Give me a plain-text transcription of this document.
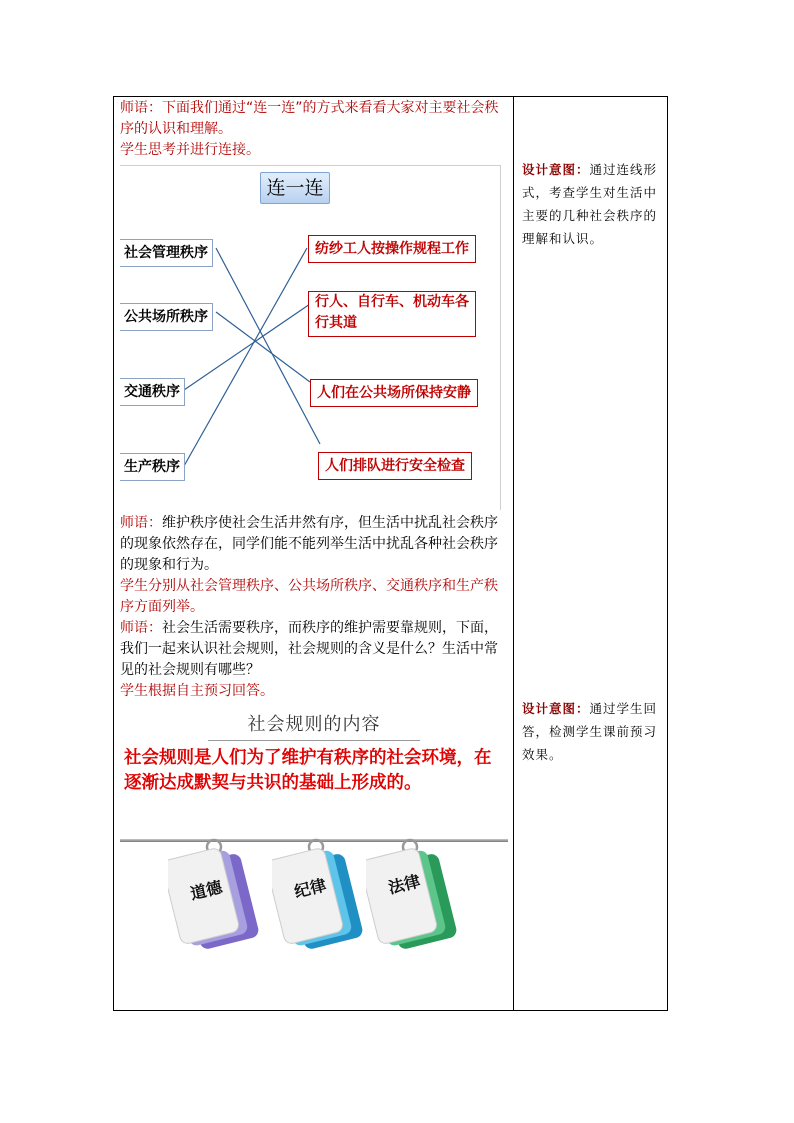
师语：下面我们通过“连一连”的方式来看看大家对主要社会秩序的认识和理解。

学生思考并进行连接。

连一连
社会管理秩序
公共场所秩序
交通秩序
生产秩序
纺纱工人按操作规程工作
行人、自行车、机动车各行其道
人们在公共场所保持安静
人们排队进行安全检查

师语：维护秩序使社会生活井然有序，但生活中扰乱社会秩序的现象依然存在，同学们能不能列举生活中扰乱各种社会秩序的现象和行为。

学生分别从社会管理秩序、公共场所秩序、交通秩序和生产秩序方面列举。

师语：社会生活需要秩序，而秩序的维护需要靠规则，下面，我们一起来认识社会规则，社会规则的含义是什么？生活中常见的社会规则有哪些？

学生根据自主预习回答。

社会规则的内容

社会规则是人们为了维护有秩序的社会环境，在逐渐达成默契与共识的基础上形成的。

道德	纪律	法律

设计意图：通过连线形式，考查学生对生活中主要的几种社会秩序的理解和认识。

设计意图：通过学生回答，检测学生课前预习效果。
